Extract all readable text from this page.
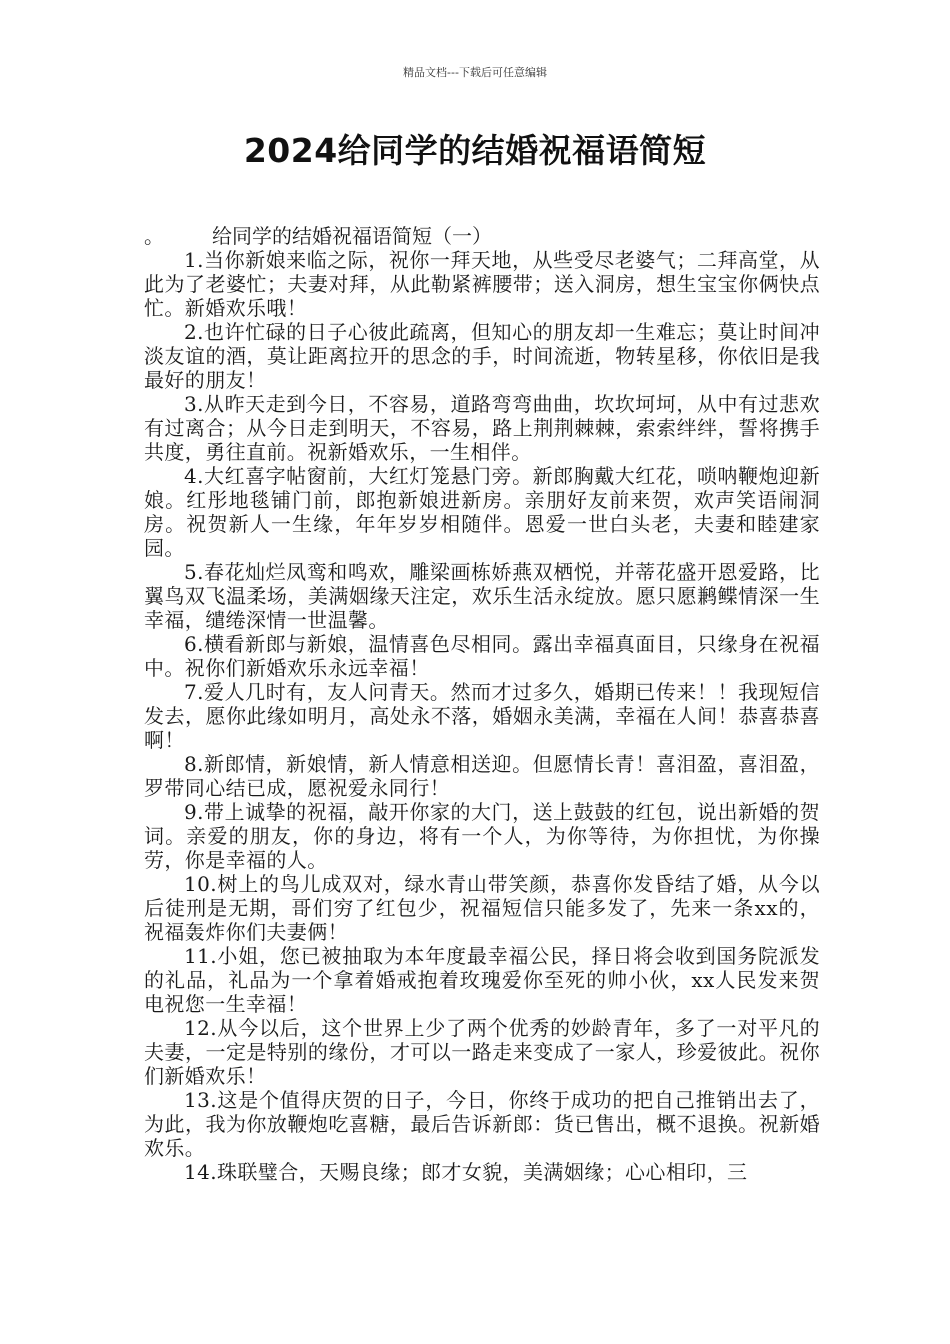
精品文档---下载后可任意编辑
2024给同学的结婚祝福语简短
。 给同学的结婚祝福语简短（一）

1.当你新娘来临之际，祝你一拜天地，从些受尽老婆气；二拜高堂，从此为了老婆忙；夫妻对拜，从此勒紧裤腰带；送入洞房，想生宝宝你俩快点忙。新婚欢乐哦！

2.也许忙碌的日子心彼此疏离，但知心的朋友却一生难忘；莫让时间冲淡友谊的酒，莫让距离拉开的思念的手，时间流逝，物转星移，你依旧是我最好的朋友！

3.从昨天走到今日，不容易，道路弯弯曲曲，坎坎坷坷，从中有过悲欢有过离合；从今日走到明天，不容易，路上荆荆棘棘，索索绊绊，誓将携手共度，勇往直前。祝新婚欢乐，一生相伴。

4.大红喜字帖窗前，大红灯笼悬门旁。新郎胸戴大红花，唢呐鞭炮迎新娘。红彤地毯铺门前，郎抱新娘进新房。亲朋好友前来贺，欢声笑语闹洞房。祝贺新人一生缘，年年岁岁相随伴。恩爱一世白头老，夫妻和睦建家园。

5.春花灿烂凤鸾和鸣欢，雕梁画栋娇燕双栖悦，并蒂花盛开恩爱路，比翼鸟双飞温柔场，美满姻缘天注定，欢乐生活永绽放。愿只愿鹣鲽情深一生幸福，缱绻深情一世温馨。

6.横看新郎与新娘，温情喜色尽相同。露出幸福真面目，只缘身在祝福中。祝你们新婚欢乐永远幸福！

7.爱人几时有，友人问青天。然而才过多久，婚期已传来！！我现短信发去，愿你此缘如明月，高处永不落，婚姻永美满，幸福在人间！恭喜恭喜啊！

8.新郎情，新娘情，新人情意相送迎。但愿情长青！喜泪盈，喜泪盈，罗带同心结已成，愿祝爱永同行！

9.带上诚挚的祝福，敲开你家的大门，送上鼓鼓的红包，说出新婚的贺词。亲爱的朋友，你的身边，将有一个人，为你等待，为你担忧，为你操劳，你是幸福的人。

10.树上的鸟儿成双对，绿水青山带笑颜，恭喜你发昏结了婚，从今以后徒刑是无期，哥们穷了红包少，祝福短信只能多发了，先来一条xx的，祝福轰炸你们夫妻俩！

11.小姐，您已被抽取为本年度最幸福公民，择日将会收到国务院派发的礼品，礼品为一个拿着婚戒抱着玫瑰爱你至死的帅小伙，xx人民发来贺电祝您一生幸福！

12.从今以后，这个世界上少了两个优秀的妙龄青年，多了一对平凡的夫妻，一定是特别的缘份，才可以一路走来变成了一家人，珍爱彼此。祝你们新婚欢乐！

13.这是个值得庆贺的日子，今日，你终于成功的把自己推销出去了，为此，我为你放鞭炮吃喜糖，最后告诉新郎：货已售出，概不退换。祝新婚欢乐。

14.珠联璧合，天赐良缘；郎才女貌，美满姻缘；心心相印，三
